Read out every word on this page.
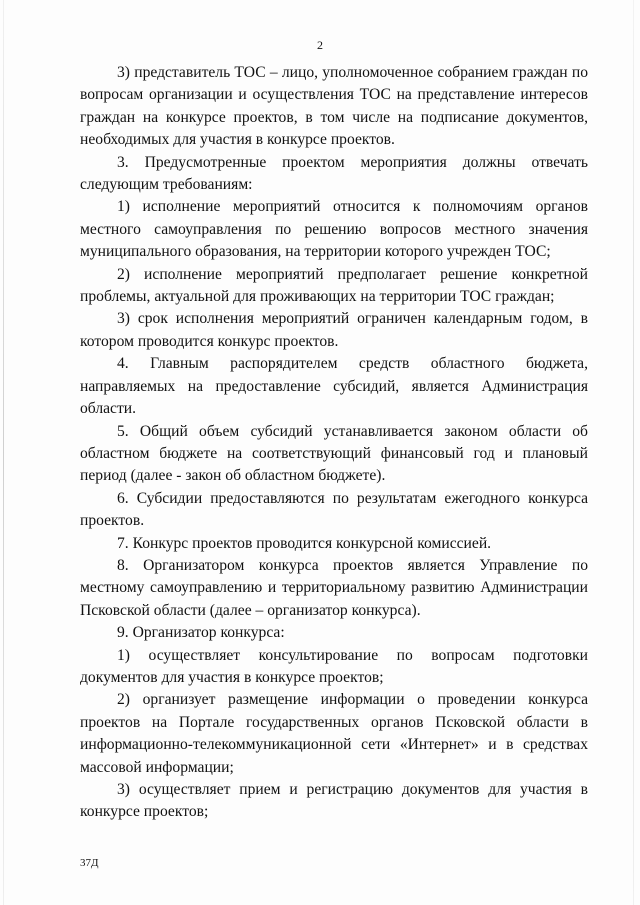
2

3) представитель ТОС – лицо, уполномоченное собранием граждан по вопросам организации и осуществления ТОС на представление интересов граждан на конкурсе проектов, в том числе на подписание документов, необходимых для участия в конкурсе проектов.

3. Предусмотренные проектом мероприятия должны отвечать следующим требованиям:

1) исполнение мероприятий относится к полномочиям органов местного самоуправления по решению вопросов местного значения муниципального образования, на территории которого учрежден ТОС;

2) исполнение мероприятий предполагает решение конкретной проблемы, актуальной для проживающих на территории ТОС граждан;

3) срок исполнения мероприятий ограничен календарным годом, в котором проводится конкурс проектов.

4. Главным распорядителем средств областного бюджета, направляемых на предоставление субсидий, является Администрация области.

5. Общий объем субсидий устанавливается законом области об областном бюджете на соответствующий финансовый год и плановый период (далее - закон об областном бюджете).

6. Субсидии предоставляются по результатам ежегодного конкурса проектов.

7. Конкурс проектов проводится конкурсной комиссией.

8. Организатором конкурса проектов является Управление по местному самоуправлению и территориальному развитию Администрации Псковской области (далее – организатор конкурса).

9. Организатор конкурса:

1) осуществляет консультирование по вопросам подготовки документов для участия в конкурсе проектов;

2) организует размещение информации о проведении конкурса проектов на Портале государственных органов Псковской области в информационно-телекоммуникационной сети «Интернет» и в средствах массовой информации;

3) осуществляет прием и регистрацию документов для участия в конкурсе проектов;

37Д
